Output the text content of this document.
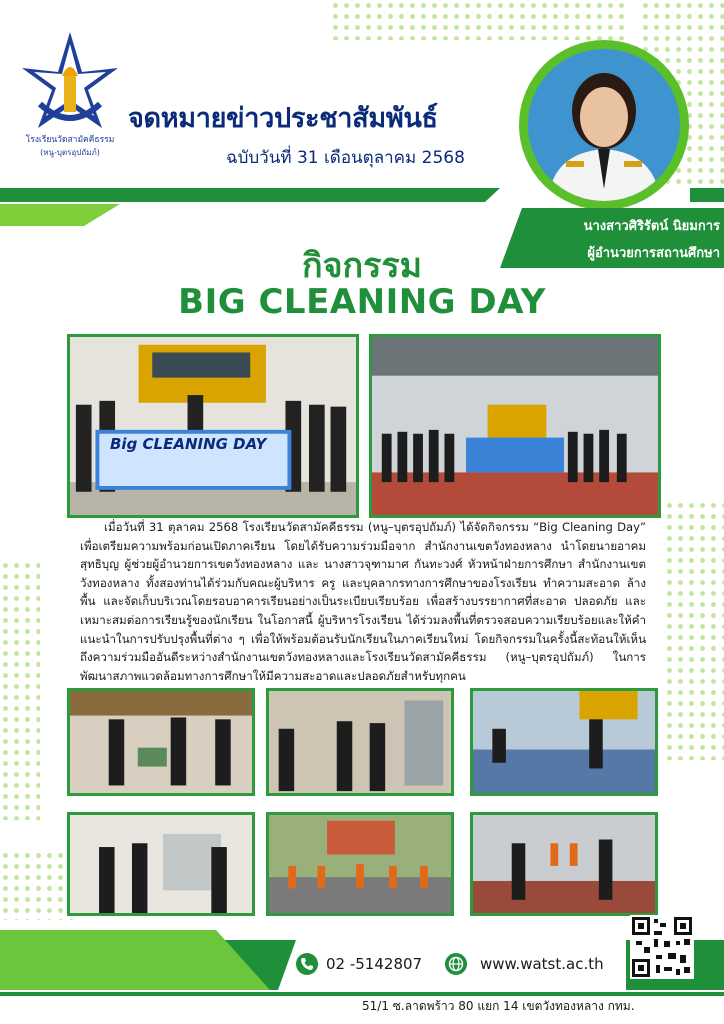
โรงเรียนวัดสามัคคีธรรม
(หนู-บุตรอุปถัมภ์)
จดหมายข่าวประชาสัมพันธ์
ฉบับวันที่ 31 เดือนตุลาคม 2568
นางสาวศิริรัตน์ นิยมการ
ผู้อำนวยการสถานศึกษา
กิจกรรม
BIG CLEANING DAY
Big CLEANING DAY
เมื่อวันที่ 31 ตุลาคม 2568 โรงเรียนวัดสามัคคีธรรม (หนู–บุตรอุปถัมภ์) ได้จัดกิจกรรม “Big Cleaning Day” เพื่อเตรียมความพร้อมก่อนเปิดภาคเรียน โดยได้รับความร่วมมือจาก สำนักงานเขตวังทองหลาง นำโดยนายอาคม สุทธิบุญ ผู้ช่วยผู้อำนวยการเขตวังทองหลาง และ นางสาวจุฑามาศ กันทะวงศ์ หัวหน้าฝ่ายการศึกษา สำนักงานเขตวังทองหลาง ทั้งสองท่านได้ร่วมกับคณะผู้บริหาร ครู และบุคลากรทางการศึกษาของโรงเรียน ทำความสะอาด ล้างพื้น และจัดเก็บบริเวณโดยรอบอาคารเรียนอย่างเป็นระเบียบเรียบร้อย เพื่อสร้างบรรยากาศที่สะอาด ปลอดภัย และเหมาะสมต่อการเรียนรู้ของนักเรียน ในโอกาสนี้ ผู้บริหารโรงเรียน ได้ร่วมลงพื้นที่ตรวจสอบความเรียบร้อยและให้คำแนะนำในการปรับปรุงพื้นที่ต่าง ๆ เพื่อให้พร้อมต้อนรับนักเรียนในภาคเรียนใหม่ โดยกิจกรรมในครั้งนี้สะท้อนให้เห็นถึงความร่วมมืออันดีระหว่างสำนักงานเขตวังทองหลางและโรงเรียนวัดสามัคคีธรรม (หนู–บุตรอุปถัมภ์) ในการพัฒนาสภาพแวดล้อมทางการศึกษาให้มีความสะอาดและปลอดภัยสำหรับทุกคน
02 -5142807	www.watst.ac.th
51/1 ซ.ลาดพร้าว 80 แยก 14 เขตวังทองหลาง กทม.
